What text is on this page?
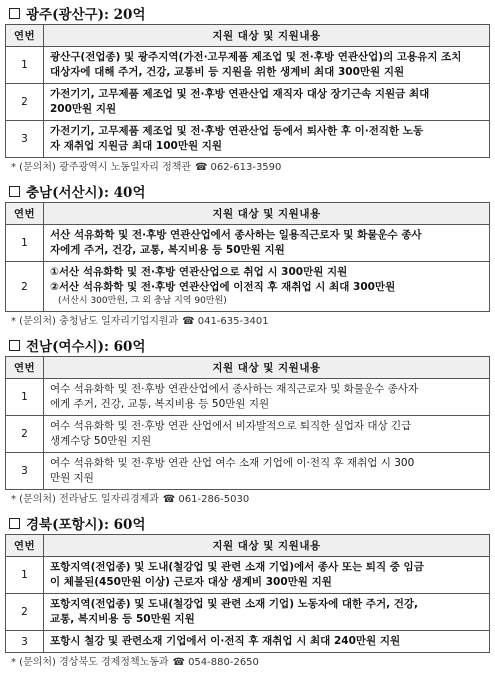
광주(광산구): 20억
연번	지원 대상 및 지원내용
1	광산구(전업종) 및 광주지역(가전·고무제품 제조업 및 전·후방 연관산업)의 고용유지 조치
대상자에 대해 주거, 건강, 교통비 등 지원을 위한 생계비 최대 300만원 지원

2	가전기기, 고무제품 제조업 및 전·후방 연관산업 재직자 대상 장기근속 지원금 최대
200만원 지원

3	가전기기, 고무제품 제조업 및 전·후방 연관산업 등에서 퇴사한 후 이·전직한 노동
자 재취업 지원금 최대 100만원 지원
* (문의처) 광주광역시 노동일자리 정책관 ☎ 062-613-3590
충남(서산시): 40억
연번	지원 대상 및 지원내용
1	서산 석유화학 및 전·후방 연관산업에서 종사하는 일용직근로자 및 화물운수 종사
자에게 주거, 건강, 교통, 복지비용 등 50만원 지원

2	①서산 석유화학 및 전·후방 연관산업으로 취업 시 300만원 지원
②서산 석유화학 및 전·후방 연관산업에 이전직 후 재취업 시 최대 300만원
(서산시 300만원, 그 외 충남 지역 90만원)
* (문의처) 충청남도 일자리기업지원과 ☎ 041-635-3401
전남(여수시): 60억
연번	지원 대상 및 지원내용
1	여수 석유화학 및 전·후방 연관산업에서 종사하는 재직근로자 및 화물운수 종사자
에게 주거, 건강, 교통, 복지비용 등 50만원 지원

2	여수 석유화학 및 전·후방 연관 산업에서 비자발적으로 퇴직한 실업자 대상 긴급
생계수당 50만원 지원

3	여수 석유화학 및 전·후방 연관 산업 여수 소재 기업에 이·전직 후 재취업 시 300
만원 지원
* (문의처) 전라남도 일자리경제과 ☎ 061-286-5030
경북(포항시): 60억
연번	지원 대상 및 지원내용
1	포항지역(전업종) 및 도내(철강업 및 관련 소재 기업)에서 종사 또는 퇴직 중 임금
이 체불된(450만원 이상) 근로자 대상 생계비 300만원 지원

2	포항지역(전업종) 및 도내(철강업 및 관련 소재 기업) 노동자에 대한 주거, 건강,
교통, 복지비용 등 50만원 지원

3	포항시 철강 및 관련소재 기업에서 이·전직 후 재취업 시 최대 240만원 지원
* (문의처) 경상북도 경제정책노동과 ☎ 054-880-2650
